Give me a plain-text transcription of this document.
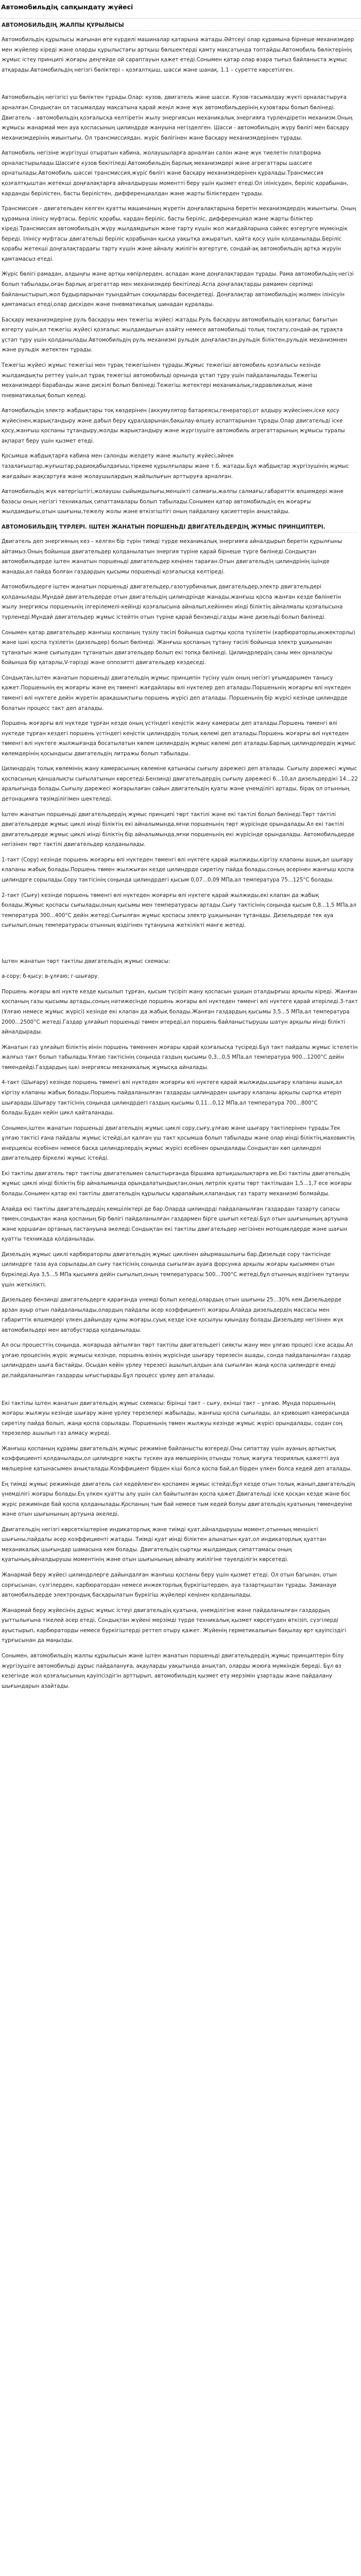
Автомобильдің сапқындату жүйесі
АВТОМОБИЛЬДІҢ ЖАЛПЫ ҚҰРЫЛЫСЫ

Автомобильдің құрылысы жағынан өте күрделі машиналар қатарына жатады.Әйтсеуі олар құрамына бірнеше механизмдер мен жүйелер кіреді және оларды құрылыстағы артқыш бөлшектерді қамту мақсатында топтайды.Автомобиль бөліктерінің жұмыс істеу принципі жоғары деңгейде ой сараптауын қажет етеді.Сонымен қатар олар өзара тығыз байланыста жұмыс атқарады.Автомобильдің негізгі бөліктері – қозғалтқыш, шасси және шанақ. 1.1 – суретте көрсетілген.

Автомобильдің негізгісі үш бөліктен тұрады.Олар: кузов, двигатель және шасси. Кузов-тасымалдау жүкті орналастыруға арналған.Сондықтан ол тасымалдау мақсатына қарай жеңіл және жүк автомобильдерінің кузовтары болып бөлінеді. Двигатель - автомобильдің қозғалысқа келтіретін жылу энергиясын механикалық энергияға түрлендіретін механизм.Оның жұмысы жанармай мен ауа қоспасының цилиндрде жануына негізделген. Шасси - автомобильдің жүру бөлігі мен басқару механизмдерінің жиынтығы. Ол трансмиссиядан, жүріс бөлігінен және басқару механизмдерінен тұрады.

Автомобиль негізіне жүргізуші отыратын кабина, жолаушыларға арналған салон және жүк тиелетін платформа орналастырылады.Шассиге кузов бекітіледі.Автомобильдің барлық механизмдері және агрегаттары шассиге орнатылады.Автомобиль шассиі трансмиссия,жүріс бөлігі және басқару механизмдерінен құралады.Трансмиссия қозғалтқыштан жетекші доңғалақтарға айналдырушы моментті беру үшін қызмет етеді.Ол ілінісуден, беріліс қорабынан, карданды берілістен, басты берілістен, дифференциалдан және жарты біліктерден тұрады.

Трансмиссия – двигательден келген қуатты машинаның жүретін доңғалақтарына беретін механизмдердің жиынтығы. Оның құрамына ілінісу муфтасы, беріліс қорабы, кардан беріліс, басты беріліс, дифференциал және жарты біліктер кіреді.Трансмиссия автомобильдің жүру жылдамдығын және тарту күшін жол жағдайларына сәйкес өзгертуге мүмкіндік береді. Ілінісу муфтасы двигательді беріліс қорабынан қысқа уақытқа ажыратып, қайта қосу үшін қолданылады.Беріліс қорабы жетекші доңғалақтардағы тарту күшін және айналу жиілігін өзгертуге, сондай-ақ автомобильдің артқа жүруін қамтамасыз етеді.

Жүріс бөлігі рамадан, алдыңғы және артқы көпірлерден, аспадан және доңғалақтардан тұрады. Рама автомобильдің негізі болып табылады,оған барлық агрегаттар мен механизмдер бекітіледі.Аспа доңғалақтарды рамамен серпімді байланыстырып,жол бұдырларынан туындайтын соққыларды бәсеңдетеді. Доңғалақтар автомобильдің жолмен ілінісуін қамтамасыз етеді,олар дискіден және пневматикалық шинадан құралады.

Басқару механизмдеріне руль басқаруы мен тежегіш жүйесі жатады.Руль басқаруы автомобильдің қозғалыс бағытын өзгерту үшін,ал тежегіш жүйесі қозғалыс жылдамдығын азайту немесе автомобильді толық тоқтату,сондай-ақ тұрақта ұстап тұру үшін қолданылады.Автомобильдің руль механизмі рульдік доңғалақтан,рульдік біліктен,рульдік механизмнен және рульдік жетектен тұрады.

Тежегіш жүйесі жұмыс тежегіші мен тұрақ тежегішінен тұрады.Жұмыс тежегіші автомобиль қозғалысы кезінде жылдамдықты реттеу үшін,ал тұрақ тежегіші автомобильді орнында ұстап тұру үшін пайдаланылады.Тежегіш механизмдері барабанды және дискілі болып бөлінеді.Тежегіш жетектері механикалық,гидравликалық және пневматикалық болып келеді.

Автомобильдің электр жабдықтары тоқ көздерінен (аккумулятор батареясы,генератор),от алдыру жүйесінен,іске қосу жүйесінен,жарықтандыру және дабыл беру құралдарынан,бақылау-өлшеу аспаптарынан тұрады.Олар двигательді іске қосу,жанғыш қоспаны тұтандыру,жолды жарықтандыру және жүргізушіге автомобиль агрегаттарының жұмысы туралы ақпарат беру үшін қызмет етеді.

Қосымша жабдықтарға кабина мен салонды желдету және жылыту жүйесі,әйнек тазалағыштар,жуғыштар,радиоқабылдағыш,тіркеме құрылғылары және т.б. жатады.Бұл жабдықтар жүргізушінің жұмыс жағдайын жақсартуға және жолаушылардың жайлылығын арттыруға арналған.

Автомобильдің жүк көтергіштігі,жолаушы сыйымдылығы,меншікті салмағы,жалпы салмағы,габариттік өлшемдері және базасы оның негізгі техникалық сипаттамалары болып табылады.Сонымен қатар автомобильдің ең жоғарғы жылдамдығы,отын шығыны,тежелу жолы және өткізгіштігі оның пайдалану қасиеттерін анықтайды.

АВТОМОБИЛЬДІҢ ТҮРЛЕРІ. ІШТЕН ЖАНАТЫН ПОРШЕНЬДІ ДВИГАТЕЛЬДЕРДІҢ ЖҰМЫС ПРИНЦИПТЕРІ.

Двигатель деп энергияның кез – келген бір түрін тиімді түрде механикалық энергияға айналдырып беретін құрылғыны айтамыз.Оның бойынша двигательдер қолданылатын энергия түріне қарай бірнеше түрге бөлінеді.Сондықтан автомобильдерде іштен жанатын поршеньді двигательдер кеңінен тараған.Отын двигательдің цилиндрінің ішінде жанады,ал пайда болған газдардың қысымы поршеньді қозғалысқа келтіреді.

Автомобильдерге іштен жанатын поршеньді двигательдер,газотурбиналық двигательдер,электр двигательдері қолданылады.Мұндай двигательдерде отын двигательдің цилиндрінде жанады,жанғыш қоспа жанған кезде бөлінетін жылу энергиясы поршеньнің ілгерілемелі-кейінді қозғалысына айналып,кейіннен иінді біліктің айналмалы қозғалысына түрленеді.Мұндай двигательдер жұмыс істейтін отын түріне қарай бензинді,газды және дизельді болып бөлінеді.

Сонымен қатар двигательдер жанғыш қоспаның түзілу тәсілі бойынша сыртқы қоспа түзілетін (карбюраторлы,инжекторлы) және ішкі қоспа түзілетін (дизельдер) болып бөлінеді. Жанғыш қоспаның тұтану тәсілі бойынша электр ұшқынынан тұтанатын және сығылудан тұтанатын двигательдер болып екі топқа бөлінеді. Цилиндрлердің саны мен орналасуы бойынша бір қатарлы,V-тәрізді және оппозитті двигательдер кездеседі.

Сондықтан,іштен жанатын поршеньді двигательдің жұмыс принципін түсіну үшін оның негізгі ұғымдарымен танысу қажет.Поршеньнің ең жоғарғы және ең төменгі жағдайлары өлі нүктелер деп аталады.Поршеньнің жоғарғы өлі нүктеден төменгі өлі нүктеге дейін жүретін арақашықтығы поршень жүрісі деп аталады. Поршеньнің бір жүрісі кезінде цилиндрде болатын процесс такт деп аталады.

Поршень жоғарғы өлі нүктеде тұрған кезде оның үстіндегі кеңістік жану камерасы деп аталады.Поршень төменгі өлі нүктеде тұрған кездегі поршень үстіндегі кеңістік цилиндрдің толық көлемі деп аталады.Поршень жоғарғы өлі нүктеден төменгі өлі нүктеге жылжығанда босатылатын көлем цилиндрдің жұмыс көлемі деп аталады.Барлық цилиндрлердің жұмыс көлемдерінің қосындысы двигательдің литражы болып табылады.

Цилиндрдің толық көлемінің жану камерасының көлеміне қатынасы сығылу дәрежесі деп аталады. Сығылу дәрежесі жұмыс қоспасының қаншалықты сығылатынын көрсетеді.Бензинді двигательдердің сығылу дәрежесі 6...10,ал дизельдердікі 14...22 аралығында болады.Сығылу дәрежесі жоғарылаған сайын двигательдің қуаты және үнемділігі артады, бірақ ол отынның детонацияға төзімділігімен шектеледі.

Іштен жанатын поршеньді двигательдердің жұмыс принципі төрт тактілі және екі тактілі болып бөлінеді.Төрт тактілі двигательдерде жұмыс циклі иінді біліктің екі айналымында,яғни поршеньнің төрт жүрісінде орындалады.Ал екі тактілі двигательдерде жұмыс циклі иінді біліктің бір айналымында,яғни поршеньнің екі жүрісінде орындалады. Автомобильдерде негізінен төрт тактілі двигательдер қолданылады.

1-такт (Сору) кезінде поршень жоғарғы өлі нүктеден төменгі өлі нүктеге қарай жылжиды,кіргізу клапаны ашық,ал шығару клапаны жабық болады.Поршень төмен жылжыған кезде цилиндрде сиретілу пайда болады,соның әсерінен жанғыш қоспа цилиндрге сорылады.Сору тактісінің соңында цилиндрдегі қысым 0,07...0,09 МПа,ал температура 75...125°C болады.

2-такт (Сығу) кезінде поршень төменгі өлі нүктеден жоғарғы өлі нүктеге қарай жылжиды,екі клапан да жабық болады.Жұмыс қоспасы сығылады,оның қысымы мен температурасы артады.Сығу тактісінің соңында қысым 0,8...1,5 МПа,ал температура 300...400°C дейін жетеді.Сығылған жұмыс қоспасы электр ұшқынынан тұтанады. Дизельдерде тек ауа сығылып,оның температурасы отынның өздігінен тұтануына жеткілікті мәнге жетеді.

Іштен жанатын төрт тактілы двигательдің жұмыс схемасы:

а-сору; б-қысу; в-ұлғаю; г-шығару.

Поршень жоғары өлі нүкте кезде қысылып тұрған, қысым түсіріп жану қоспасын ұшқын оталдырғыш арқылы кіреді. Жанған қоспаның газы қысымы артады,соның нәтижесінде поршень жоғары өлі нүктеден төменгі өлі нүктеге қарай итеріледі.3-такт (Ұлғаю немесе жұмыс жүрісі) кезінде екі клапан да жабық болады.Жанған газдардың қысымы 3,5...5 МПа,ал температура 2000...2500°C жетеді.Газдар ұлғайып поршеньді төмен итереді,ал поршень байланыстырушы шатун арқылы иінді білікті айналдырады.

Жанатын газ ұлғайып біліктің иінін поршень төменнен жоғары қарай қозғалысқа түсіреді.Бұл такт пайдалы жұмыс істелетін жалғыз такт болып табылады.Ұлғаю тактісінің соңында газдың қысымы 0,3...0,5 МПа,ал температура 900...1200°C дейін төмендейді.Газдардың ішкі энергиясы механикалық жұмысқа айналады.

4-такт (Шығару) кезінде поршень төменгі өлі нүктеден жоғарғы өлі нүктеге қарай жылжиды,шығару клапаны ашық,ал кіргізу клапаны жабық болады.Поршень пайдаланылған газдарды цилиндрден шығару клапаны арқылы сыртқа итеріп шығарады.Шығару тактісінің соңында цилиндрдегі газдың қысымы 0,11...0,12 МПа,ал температура 700...800°C болады.Бұдан кейін цикл қайталанады.

Сонымен,іштен жанатын поршеньді двигательдің жұмыс циклі сору,сығу,ұлғаю және шығару тактілерінен тұрады.Тек ұлғаю тактісі ғана пайдалы жұмыс істейді,ал қалған үш такт қосымша болып табылады және олар иінді біліктің,маховиктің инерциясы есебінен немесе басқа цилиндрлердің жұмыс жүрісі есебінен орындалады.Сондықтан көп цилиндрлі двигательдер біркелкі жұмыс істейді.

Екі тактілы двигатель төрт тактілы двигательмен салыстырғанда біршама артықшылықтарға ие.Екі тактілы двигательдің жұмыс циклі иінді біліктің бір айналымында орындалатындықтан,оның литрлік қуаты төрт тактілыдан 1,5...1,7 есе жоғары болады.Сонымен қатар екі тактілы двигательдің құрылысы қарапайым,клапандық газ тарату механизмі болмайды.

Алайда екі тактілы двигательдердің кемшіліктері де бар.Оларда цилиндрді пайдаланылған газдардан тазарту сапасы төмен,сондықтан жаңа қоспаның бір бөлігі пайдаланылған газдармен бірге шығып кетеді.Бұл отын шығынының артуына және қоршаған ортаның ластануына әкеледі.Сондықтан екі тактілы двигательдер негізінен мотоциклдерде және шағын қуатты техникада қолданылады.

Дизельдің жұмыс циклі карбюраторлы двигательдің жұмыс циклінен айырмашылығы бар.Дизельде сору тактісінде цилиндрге таза ауа сорылады,ал сығу тактісінің соңында сығылған ауаға форсунка арқылы жоғары қысыммен отын бүркіледі.Ауа 3,5...5 МПа қысымға дейін сығылып,оның температурасы 500...700°C жетеді,бұл отынның өздігінен тұтануы үшін жеткілікті.

Дизельдер бензинді двигательдерге қарағанда үнемді болып келеді,олардың отын шығыны 25...30% кем.Дизельдерде арзан ауыр отын пайдаланылады,олардың пайдалы әсер коэффициенті жоғары.Алайда дизельдердің массасы мен габариттік өлшемдері үлкен,дайындау құны жоғары,суық кезде іске қосылуы қиындау болады.Дизельдер негізінен жүк автомобильдері мен автобустарда қолданылады.

Ал осы процесттің соңында, жоғарыда айтылған төрт тактілы двигательдегі сияқты жану мен ұлғаю процесі іске асады.Ал ұлғаю процесінің жүріс жұмысы кезінде, поршень өзінің жүрісінде шығару терезесін ашады, сонда пайдаланылған газдар цилиндрден шыға бастайды. Осыдан кейін үрлеу терезесі ашылып,алдын ала сығылған жаңа қоспа цилиндрге енеді де,пайдаланылған газдарды ығыстырады.Бұл процесс үрлеу деп аталады.

Екі тактілы іштен жанатын двигательдің жұмыс схемасы: бірінші такт – сығу, екінші такт – ұлғаю. Мұнда поршеньнің жоғары жылжуы кезінде шығару және үрлеу терезелері жабылады, жанғыш қоспа сығылады, ал кривошип камерасында сиретілу пайда болып, жаңа қоспа сорылады. Поршеньнің төмен жылжуы кезінде жұмыс жүрісі орындалады, содан соң терезелер ашылып газ алмасу жүреді.

Жанғыш қоспаның құрамы двигательдің жұмыс режиміне байланысты өзгереді.Оны сипаттау үшін ауаның артықтық коэффициенті қолданылады,ол цилиндрге нақты түскен ауа мөлшерінің отынды толық жағуға теориялық қажетті ауа мөлшеріне қатынасымен анықталады.Коэффициент бірден кіші болса қоспа бай,ал бірден үлкен болса кедей деп аталады.

Ең тиімді жұмыс режимінде двигатель сәл кедейленген қоспамен жұмыс істейді,бұл кезде отын толық жанып,двигательдің үнемділігі жоғары болады.Ең үлкен қуатты алу үшін сәл байытылған қоспа қажет.Двигательді іске қосқан кезде және бос жүріс режимінде бай қоспа қолданылады.Қоспаның тым бай немесе тым кедей болуы двигательдің қуатының төмендеуіне және отын шығынының артуына әкеледі.

Двигательдің негізгі көрсеткіштеріне индикаторлық және тиімді қуат,айналдырушы момент,отынның меншікті шығыны,пайдалы әсер коэффициенті жатады. Тиімді қуат иінді біліктен алынатын қуат,ол индикаторлық қуаттан механикалық шығындар шамасына кем болады. Двигательдің сыртқы жылдамдық сипаттамасы оның қуатының,айналдырушы моментінің және отын шығынының айналу жиілігіне тәуелділігін көрсетеді.

Жанармай беру жүйесі цилиндрлерге дайындалған жанғыш қоспаны беру үшін қызмет етеді. Ол отын багынан, отын сорғысынан, сүзгілерден, карбюратордан немесе инжекторлық бүркігіштерден, ауа тазартқыштан тұрады. Заманауи автомобильдерде электрондық басқарылатын бүркігіш жүйелері кеңінен қолданылады.

Жанармай беру жүйесінің дұрыс жұмыс істеуі двигательдің қуатына, үнемділігіне және пайдаланылған газдардың уыттылығына тікелей әсер етеді. Сондықтан жүйені мерзімді түрде техникалық қызмет көрсетуден өткізіп, сүзгілерді ауыстырып, карбюраторды немесе бүркігіштерді реттеп отыру қажет. Жүйенің герметикалығын бақылау өрт қауіпсіздігі тұрғысынан да маңызды.

Сонымен, автомобильдің жалпы құрылысын және іштен жанатын поршеньді двигательдердің жұмыс принциптерін білу жүргізушіге автомобильді дұрыс пайдалануға, ақауларды уақытында анықтап, оларды жоюға мүмкіндік береді. Бұл өз кезегінде жол қозғалысының қауіпсіздігін арттырып, автомобильдің қызмет ету мерзімін ұзартады және пайдалану шығындарын азайтады.
